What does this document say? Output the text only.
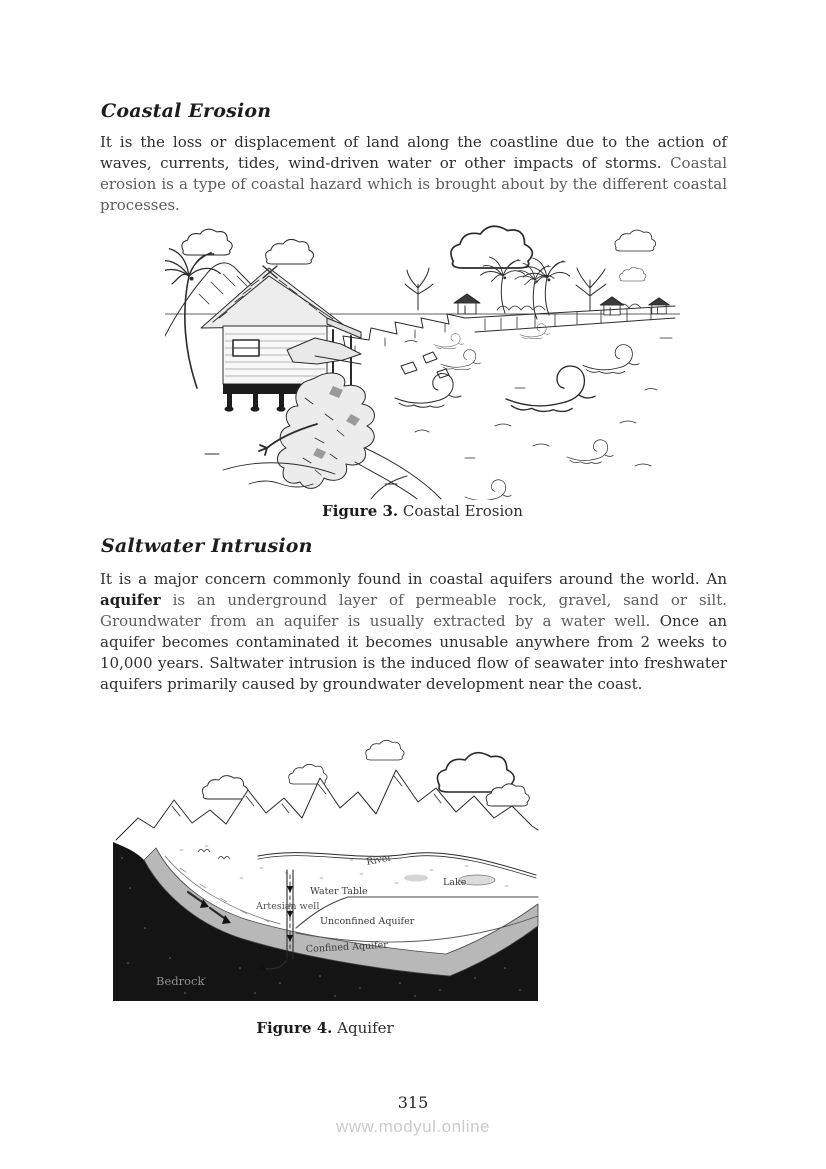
Coastal Erosion

It is the loss or displacement of land along the coastline due to the action of waves, currents, tides, wind-driven water or other impacts of storms. Coastal erosion is a type of coastal hazard which is brought about by the different coastal processes.

Figure 3. Coastal Erosion

Saltwater Intrusion

It is a major concern commonly found in coastal aquifers around the world. An aquifer is an underground layer of permeable rock, gravel, sand or silt. Groundwater from an aquifer is usually extracted by a water well. Once an aquifer becomes contaminated it becomes unusable anywhere from 2 weeks to 10,000 years. Saltwater intrusion is the induced flow of seawater into freshwater aquifers primarily caused by groundwater development near the coast.

River
Lake
Water Table
Artesian well
Unconfined Aquifer
Confined Aquifer
Bedrock

Figure 4. Aquifer

315
www.modyul.online
